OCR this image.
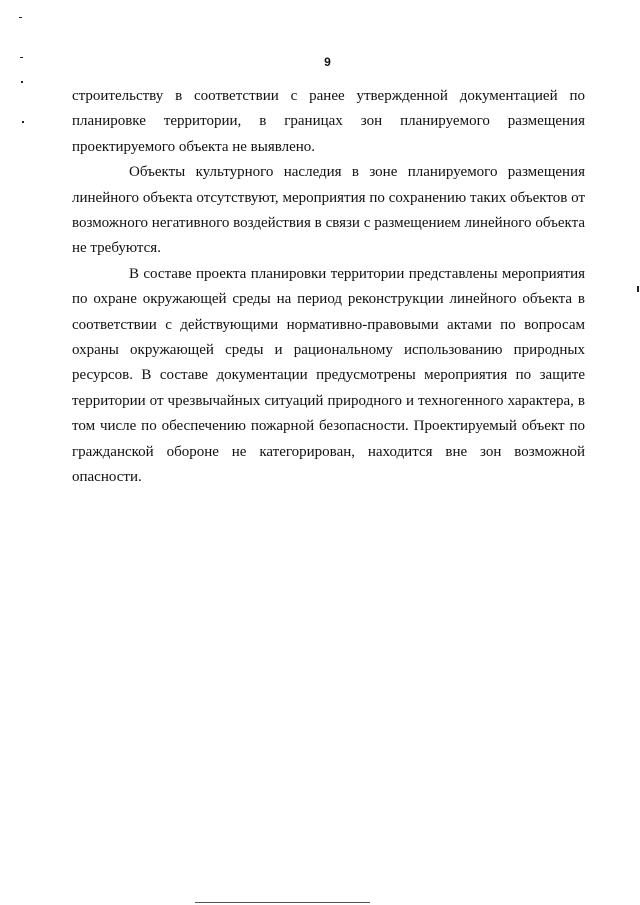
9

строительству в соответствии с ранее утвержденной документацией по планировке территории, в границах зон планируемого размещения проектируемого объекта не выявлено.

Объекты культурного наследия в зоне планируемого размещения линейного объекта отсутствуют, мероприятия по сохранению таких объектов от возможного негативного воздействия в связи с размещением линейного объекта не требуются.

В составе проекта планировки территории представлены мероприятия по охране окружающей среды на период реконструкции линейного объекта в соответствии с действующими нормативно-правовыми актами по вопросам охраны окружающей среды и рациональному использованию природных ресурсов. В составе документации предусмотрены мероприятия по защите территории от чрезвычайных ситуаций природного и техногенного характера, в том числе по обеспечению пожарной безопасности. Проектируемый объект по гражданской обороне не категорирован, находится вне зон возможной опасности.
